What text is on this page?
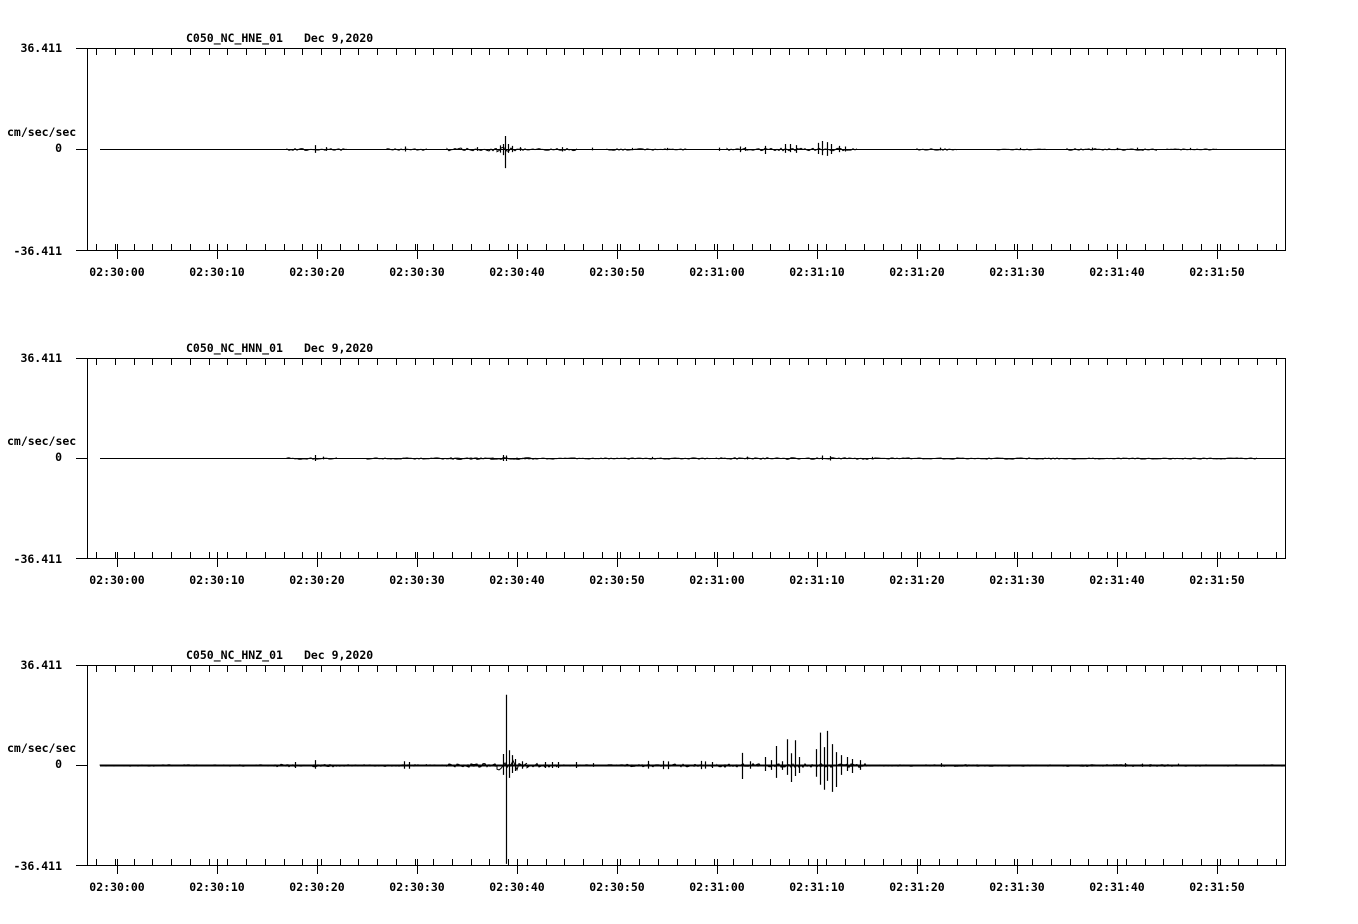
C050_NC_HNE_01 Dec 9,2020
36.411
cm/sec/sec
0
-36.411
02:30:00	02:30:10	02:30:20	02:30:30	02:30:40	02:30:50	02:31:00	02:31:10	02:31:20	02:31:30	02:31:40	02:31:50
C050_NC_HNN_01 Dec 9,2020
36.411
cm/sec/sec
0
-36.411
02:30:00	02:30:10	02:30:20	02:30:30	02:30:40	02:30:50	02:31:00	02:31:10	02:31:20	02:31:30	02:31:40	02:31:50
C050_NC_HNZ_01 Dec 9,2020
36.411
cm/sec/sec
0
-36.411
02:30:00	02:30:10	02:30:20	02:30:30	02:30:40	02:30:50	02:31:00	02:31:10	02:31:20	02:31:30	02:31:40	02:31:50
